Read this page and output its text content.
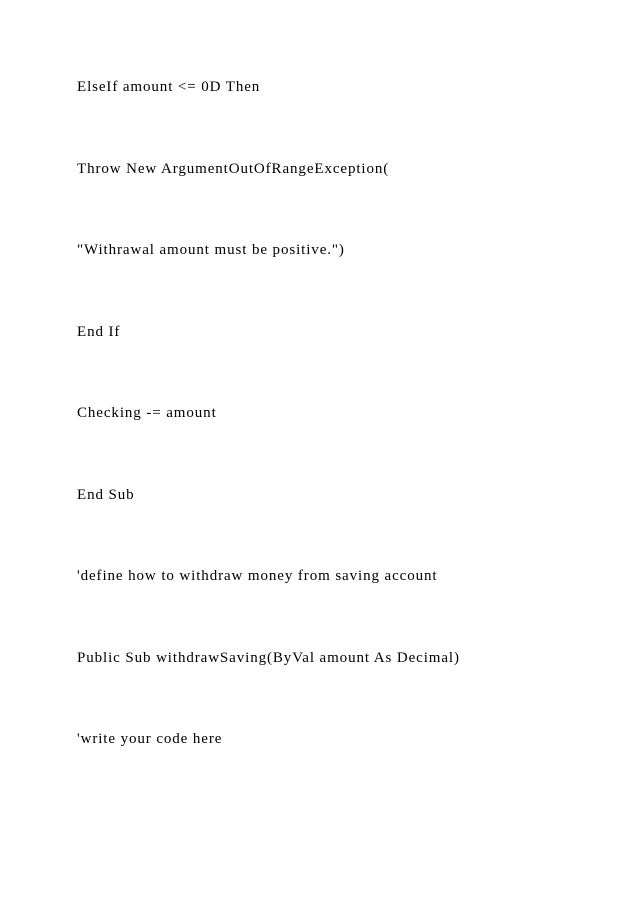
ElseIf amount <= 0D Then

Throw New ArgumentOutOfRangeException(

"Withrawal amount must be positive.")

End If

Checking -= amount

End Sub

'define how to withdraw money from saving account

Public Sub withdrawSaving(ByVal amount As Decimal)

'write your code here
